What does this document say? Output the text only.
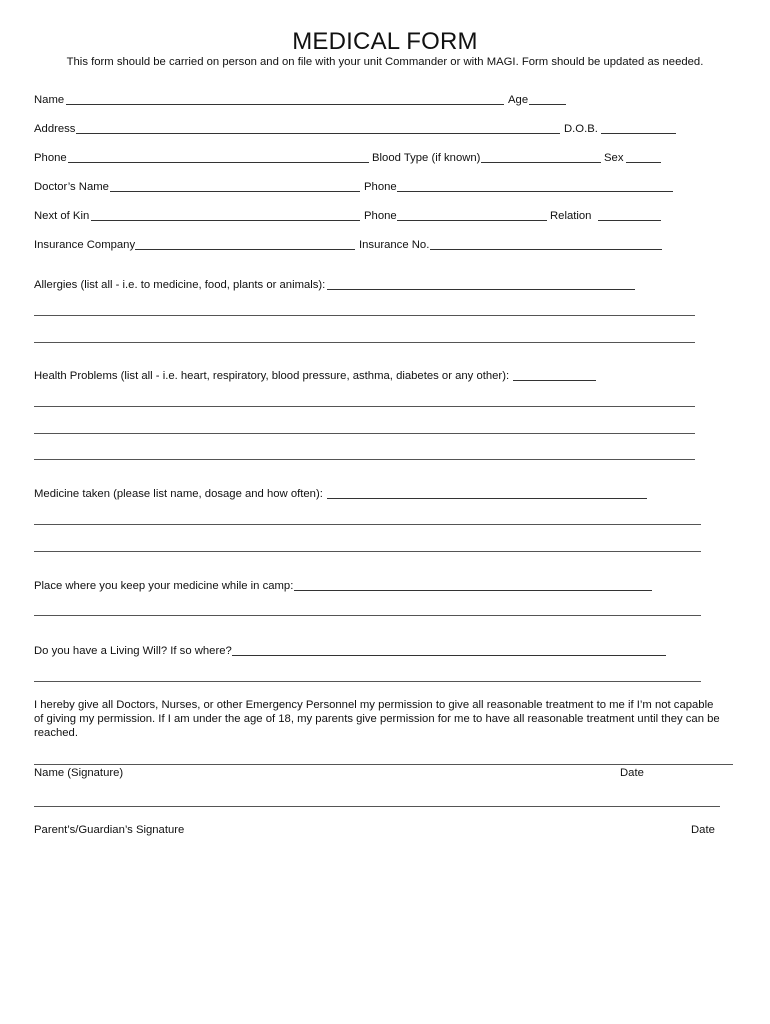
MEDICAL FORM
This form should be carried on person and on file with your unit Commander or with MAGI. Form should be updated as needed.
Name	Age
Address	D.O.B.
Phone	Blood Type (if known)	Sex
Doctor’s Name	Phone
Next of Kin	Phone	Relation
Insurance Company	Insurance No.
Allergies (list all - i.e. to medicine, food, plants or animals):
Health Problems (list all - i.e. heart, respiratory, blood pressure, asthma, diabetes or any other):
Medicine taken (please list name, dosage and how often):
Place where you keep your medicine while in camp:
Do you have a Living Will? If so where?
I hereby give all Doctors, Nurses, or other Emergency Personnel my permission to give all reasonable treatment to me if I’m not capable of giving my permission. If I am under the age of 18, my parents give permission for me to have all reasonable treatment until they can be reached.
Name (Signature)	Date
Parent’s/Guardian’s Signature	Date
